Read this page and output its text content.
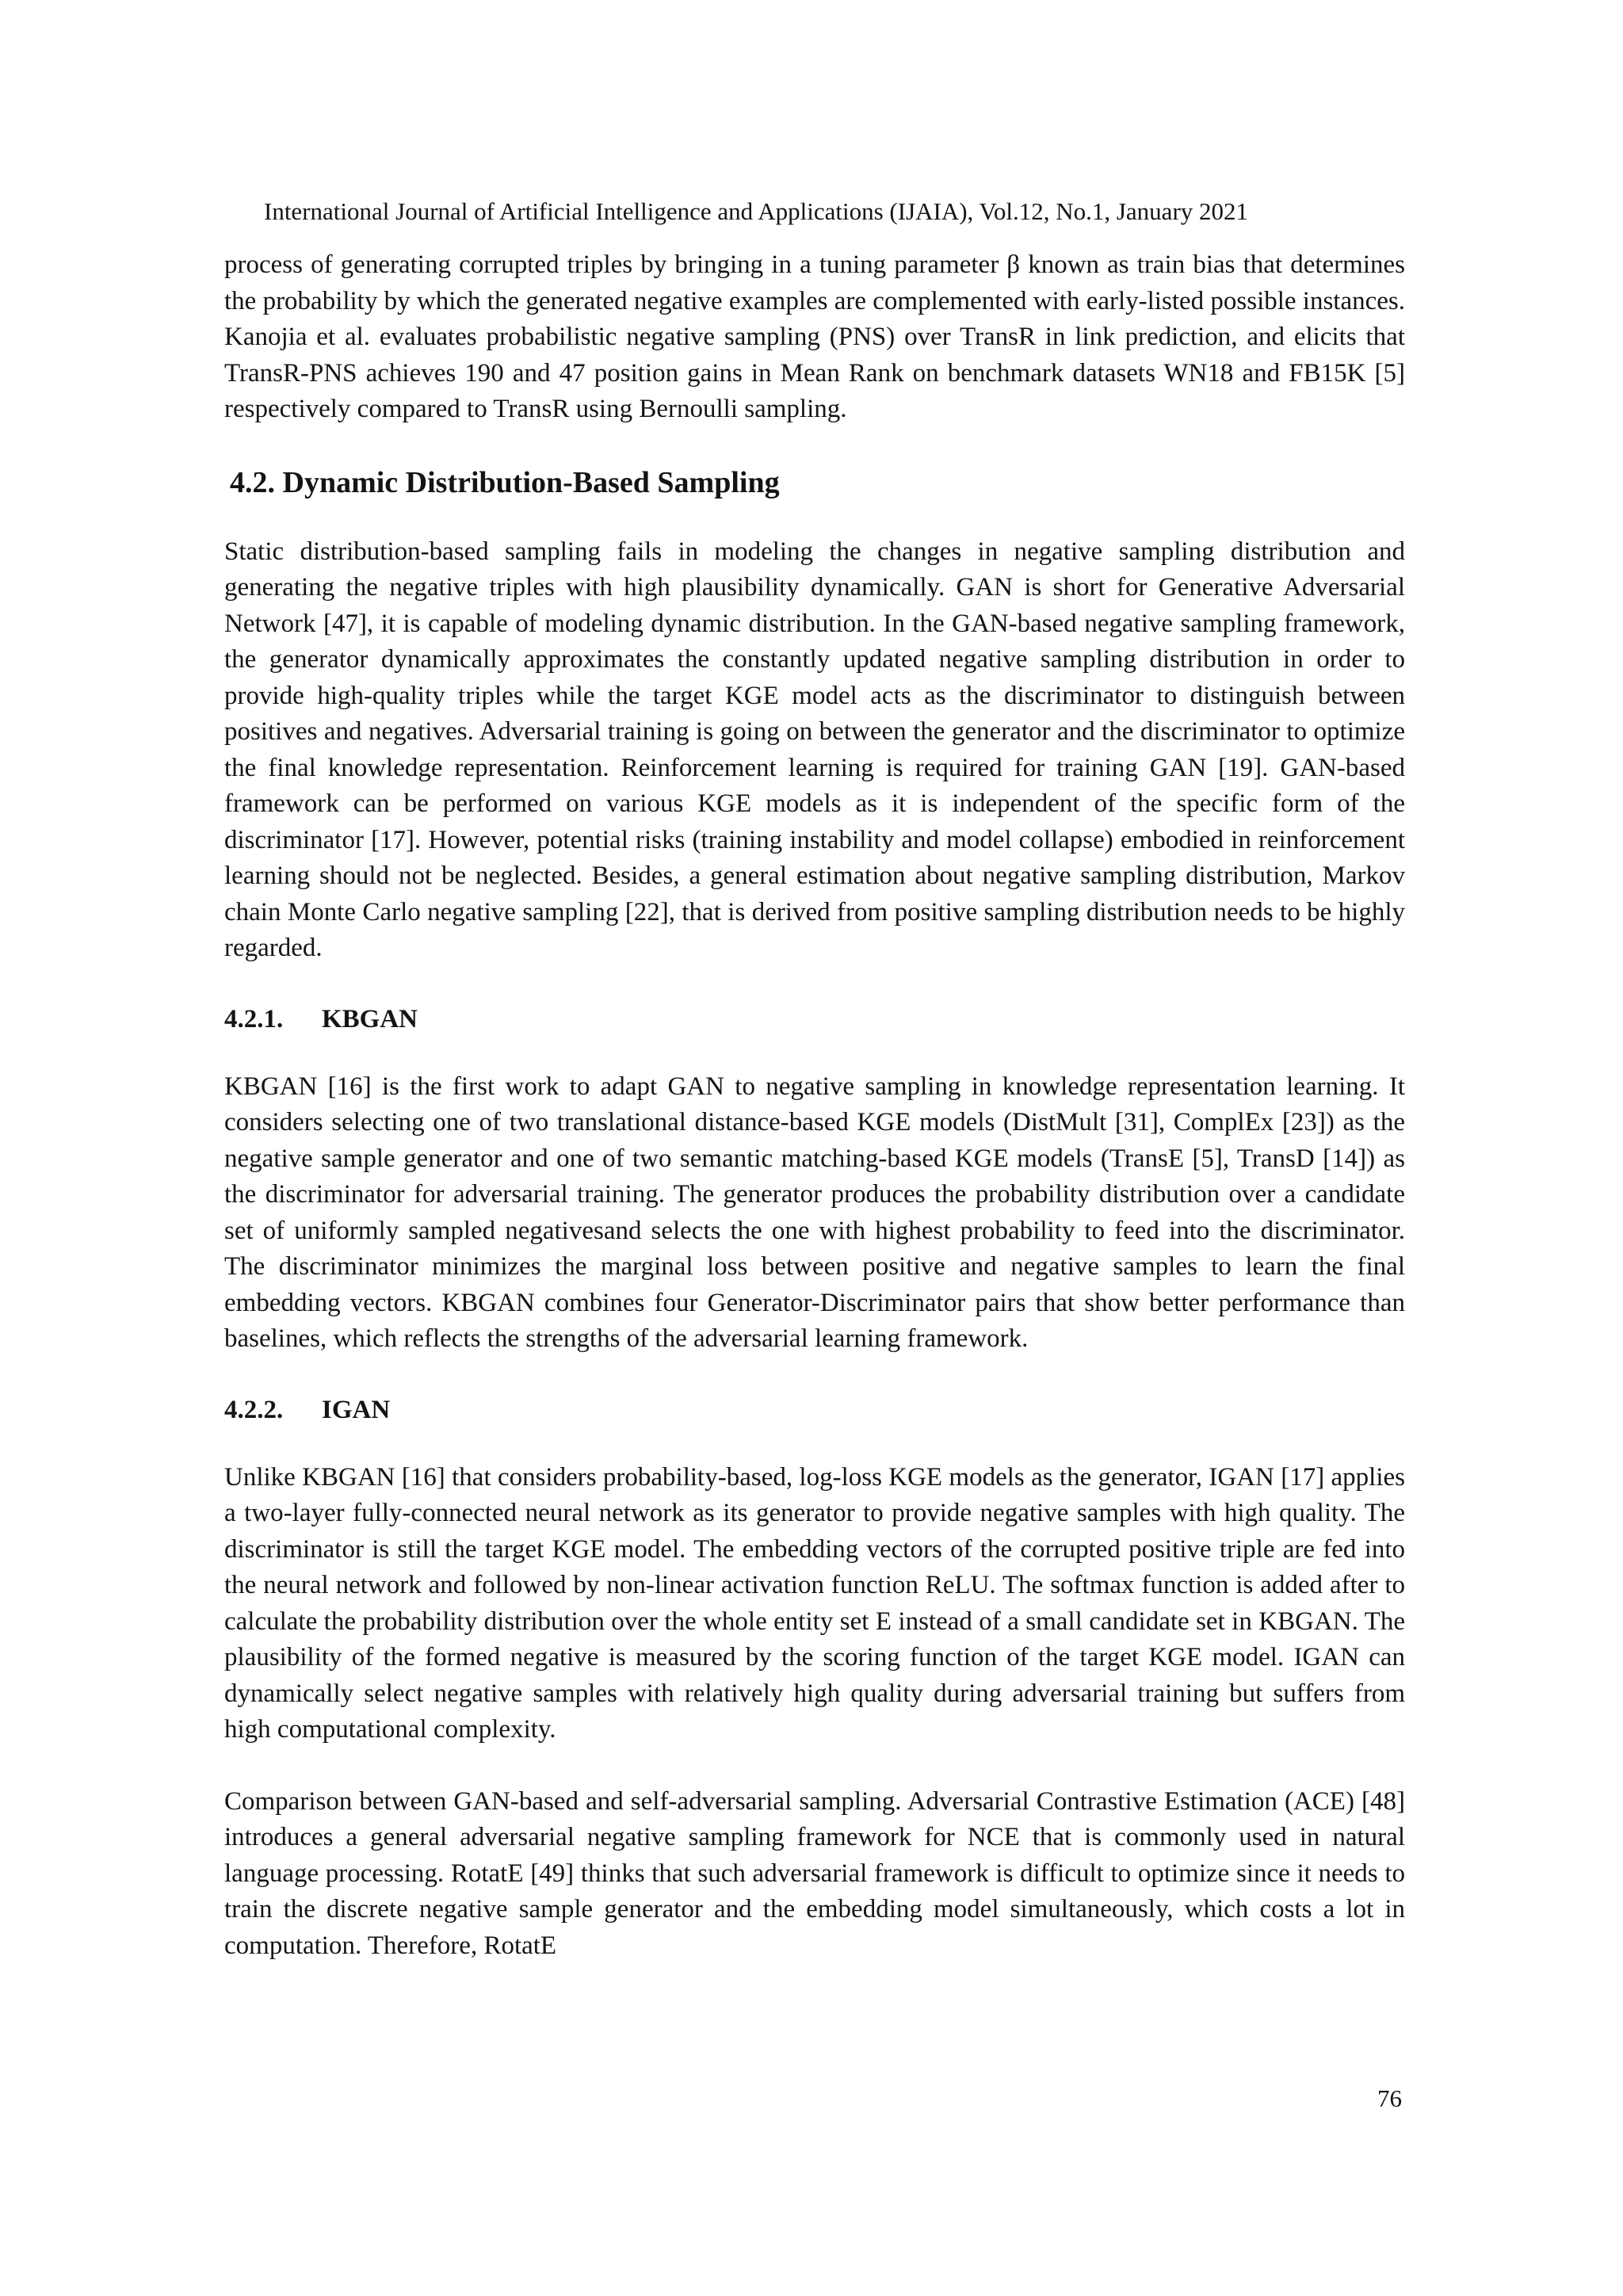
International Journal of Artificial Intelligence and Applications (IJAIA), Vol.12, No.1, January 2021

process of generating corrupted triples by bringing in a tuning parameter β known as train bias that determines the probability by which the generated negative examples are complemented with early-listed possible instances. Kanojia et al. evaluates probabilistic negative sampling (PNS) over TransR in link prediction, and elicits that TransR-PNS achieves 190 and 47 position gains in Mean Rank on benchmark datasets WN18 and FB15K [5] respectively compared to TransR using Bernoulli sampling.

4.2. Dynamic Distribution-Based Sampling

Static distribution-based sampling fails in modeling the changes in negative sampling distribution and generating the negative triples with high plausibility dynamically. GAN is short for Generative Adversarial Network [47], it is capable of modeling dynamic distribution. In the GAN-based negative sampling framework, the generator dynamically approximates the constantly updated negative sampling distribution in order to provide high-quality triples while the target KGE model acts as the discriminator to distinguish between positives and negatives. Adversarial training is going on between the generator and the discriminator to optimize the final knowledge representation. Reinforcement learning is required for training GAN [19]. GAN-based framework can be performed on various KGE models as it is independent of the specific form of the discriminator [17]. However, potential risks (training instability and model collapse) embodied in reinforcement learning should not be neglected. Besides, a general estimation about negative sampling distribution, Markov chain Monte Carlo negative sampling [22], that is derived from positive sampling distribution needs to be highly regarded.

4.2.1. KBGAN

KBGAN [16] is the first work to adapt GAN to negative sampling in knowledge representation learning. It considers selecting one of two translational distance-based KGE models (DistMult [31], ComplEx [23]) as the negative sample generator and one of two semantic matching-based KGE models (TransE [5], TransD [14]) as the discriminator for adversarial training. The generator produces the probability distribution over a candidate set of uniformly sampled negativesand selects the one with highest probability to feed into the discriminator. The discriminator minimizes the marginal loss between positive and negative samples to learn the final embedding vectors. KBGAN combines four Generator-Discriminator pairs that show better performance than baselines, which reflects the strengths of the adversarial learning framework.

4.2.2. IGAN

Unlike KBGAN [16] that considers probability-based, log-loss KGE models as the generator, IGAN [17] applies a two-layer fully-connected neural network as its generator to provide negative samples with high quality. The discriminator is still the target KGE model. The embedding vectors of the corrupted positive triple are fed into the neural network and followed by non-linear activation function ReLU. The softmax function is added after to calculate the probability distribution over the whole entity set E instead of a small candidate set in KBGAN. The plausibility of the formed negative is measured by the scoring function of the target KGE model. IGAN can dynamically select negative samples with relatively high quality during adversarial training but suffers from high computational complexity.

Comparison between GAN-based and self-adversarial sampling. Adversarial Contrastive Estimation (ACE) [48] introduces a general adversarial negative sampling framework for NCE that is commonly used in natural language processing. RotatE [49] thinks that such adversarial framework is difficult to optimize since it needs to train the discrete negative sample generator and the embedding model simultaneously, which costs a lot in computation. Therefore, RotatE

76
